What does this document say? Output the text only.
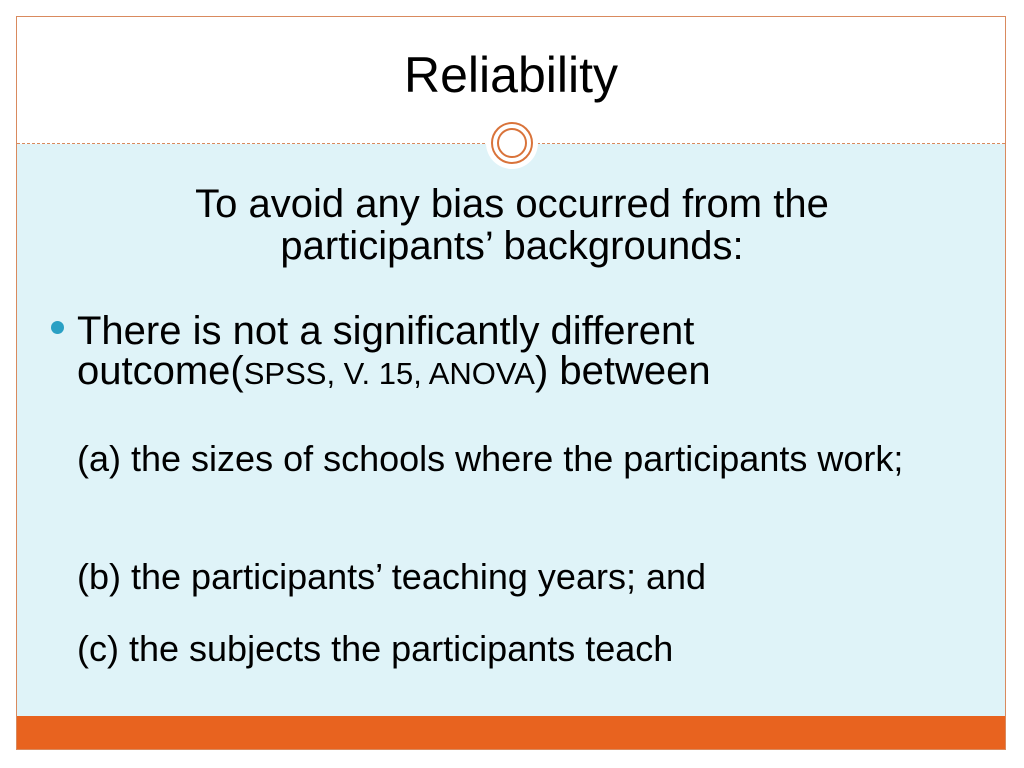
Reliability
To avoid any bias occurred from the participants’ backgrounds:
There is not a significantly different outcome(SPSS, V. 15, ANOVA) between
(a) the sizes of schools where the participants work;
(b) the participants’ teaching years; and
(c) the subjects the participants teach
